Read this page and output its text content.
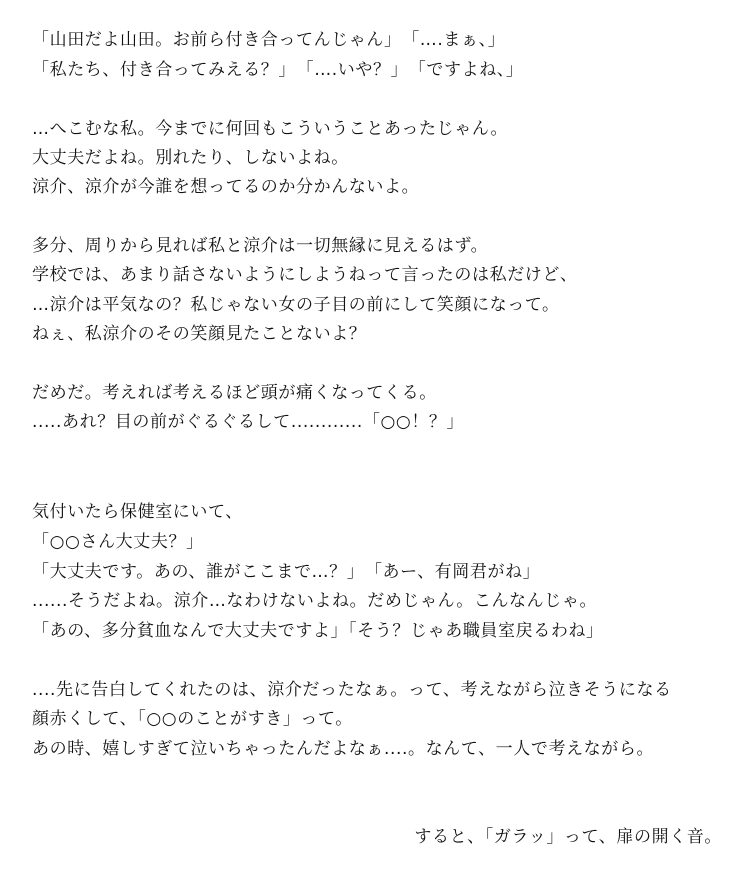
「山田だよ山田。お前ら付き合ってんじゃん」　「….まぁ、」
「私たち、付き合ってみえる？」　「….いや？」　「ですよね、」
…へこむな私。今までに何回もこういうことあったじゃん。
大丈夫だよね。別れたり、しないよね。
涼介、涼介が今誰を想ってるのか分かんないよ。
多分、周りから見れば私と涼介は一切無縁に見えるはず。
学校では、あまり話さないようにしようねって言ったのは私だけど、
…涼介は平気なの？私じゃない女の子目の前にして笑顔になって。
ねぇ、私涼介のその笑顔見たことないよ？
だめだ。考えれば考えるほど頭が痛くなってくる。
.....あれ？目の前がぐるぐるして............「○○！？」
気付いたら保健室にいて、
「○○さん大丈夫？」
「大丈夫です。あの、誰がここまで…？」　「あー、有岡君がね」
......そうだよね。涼介…なわけないよね。だめじゃん。こんなんじゃ。
「あの、多分貧血なんで大丈夫ですよ」「そう？じゃあ職員室戻るわね」
....先に告白してくれたのは、涼介だったなぁ。って、考えながら泣きそうになる
顔赤くして、「○○のことがすき」って。
あの時、嬉しすぎて泣いちゃったんだよなぁ....。なんて、一人で考えながら。
すると、「ガラッ」って、扉の開く音。
